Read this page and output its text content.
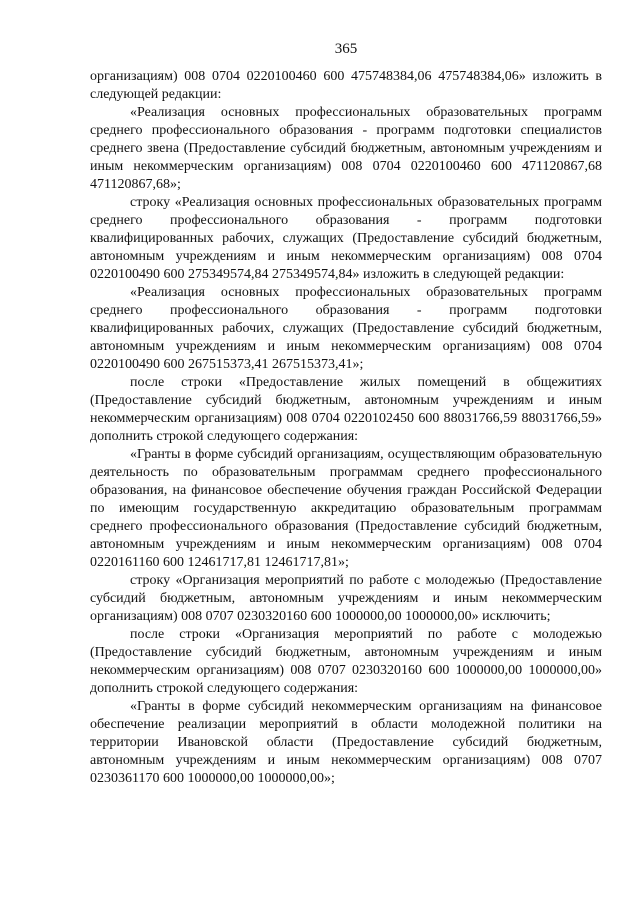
365

организациям) 008 0704 0220100460 600 475748384,06 475748384,06» изложить в следующей редакции:

«Реализация основных профессиональных образовательных программ среднего профессионального образования - программ подготовки специалистов среднего звена (Предоставление субсидий бюджетным, автономным учреждениям и иным некоммерческим организациям) 008 0704 0220100460 600 471120867,68 471120867,68»;

строку «Реализация основных профессиональных образовательных программ среднего профессионального образования - программ подготовки квалифицированных рабочих, служащих (Предоставление субсидий бюджетным, автономным учреждениям и иным некоммерческим организациям) 008 0704 0220100490 600 275349574,84 275349574,84» изложить в следующей редакции:

«Реализация основных профессиональных образовательных программ среднего профессионального образования - программ подготовки квалифицированных рабочих, служащих (Предоставление субсидий бюджетным, автономным учреждениям и иным некоммерческим организациям) 008 0704 0220100490 600 267515373,41 267515373,41»;

после строки «Предоставление жилых помещений в общежитиях (Предоставление субсидий бюджетным, автономным учреждениям и иным некоммерческим организациям) 008 0704 0220102450 600 88031766,59 88031766,59» дополнить строкой следующего содержания:

«Гранты в форме субсидий организациям, осуществляющим образовательную деятельность по образовательным программам среднего профессионального образования, на финансовое обеспечение обучения граждан Российской Федерации по имеющим государственную аккредитацию образовательным программам среднего профессионального образования (Предоставление субсидий бюджетным, автономным учреждениям и иным некоммерческим организациям) 008 0704 0220161160 600 12461717,81 12461717,81»;

строку «Организация мероприятий по работе с молодежью (Предоставление субсидий бюджетным, автономным учреждениям и иным некоммерческим организациям) 008 0707 0230320160 600 1000000,00 1000000,00» исключить;

после строки «Организация мероприятий по работе с молодежью (Предоставление субсидий бюджетным, автономным учреждениям и иным некоммерческим организациям) 008 0707 0230320160 600 1000000,00 1000000,00» дополнить строкой следующего содержания:

«Гранты в форме субсидий некоммерческим организациям на финансовое обеспечение реализации мероприятий в области молодежной политики на территории Ивановской области (Предоставление субсидий бюджетным, автономным учреждениям и иным некоммерческим организациям) 008 0707 0230361170 600 1000000,00 1000000,00»;
